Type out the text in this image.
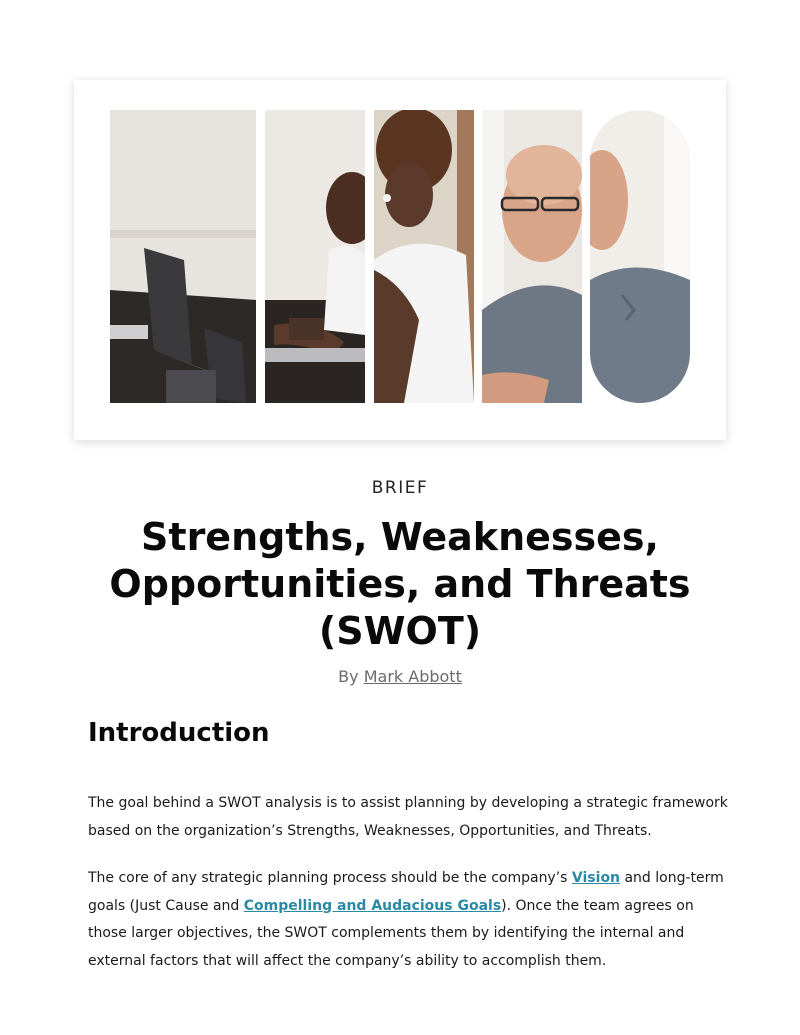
BRIEF
Strengths, Weaknesses, Opportunities, and Threats (SWOT)
By Mark Abbott
Introduction

The goal behind a SWOT analysis is to assist planning by developing a strategic framework based on the organization’s Strengths, Weaknesses, Opportunities, and Threats.

The core of any strategic planning process should be the company’s Vision and long-term goals (Just Cause and Compelling and Audacious Goals). Once the team agrees on those larger objectives, the SWOT complements them by identifying the internal and external factors that will affect the company’s ability to accomplish them.
